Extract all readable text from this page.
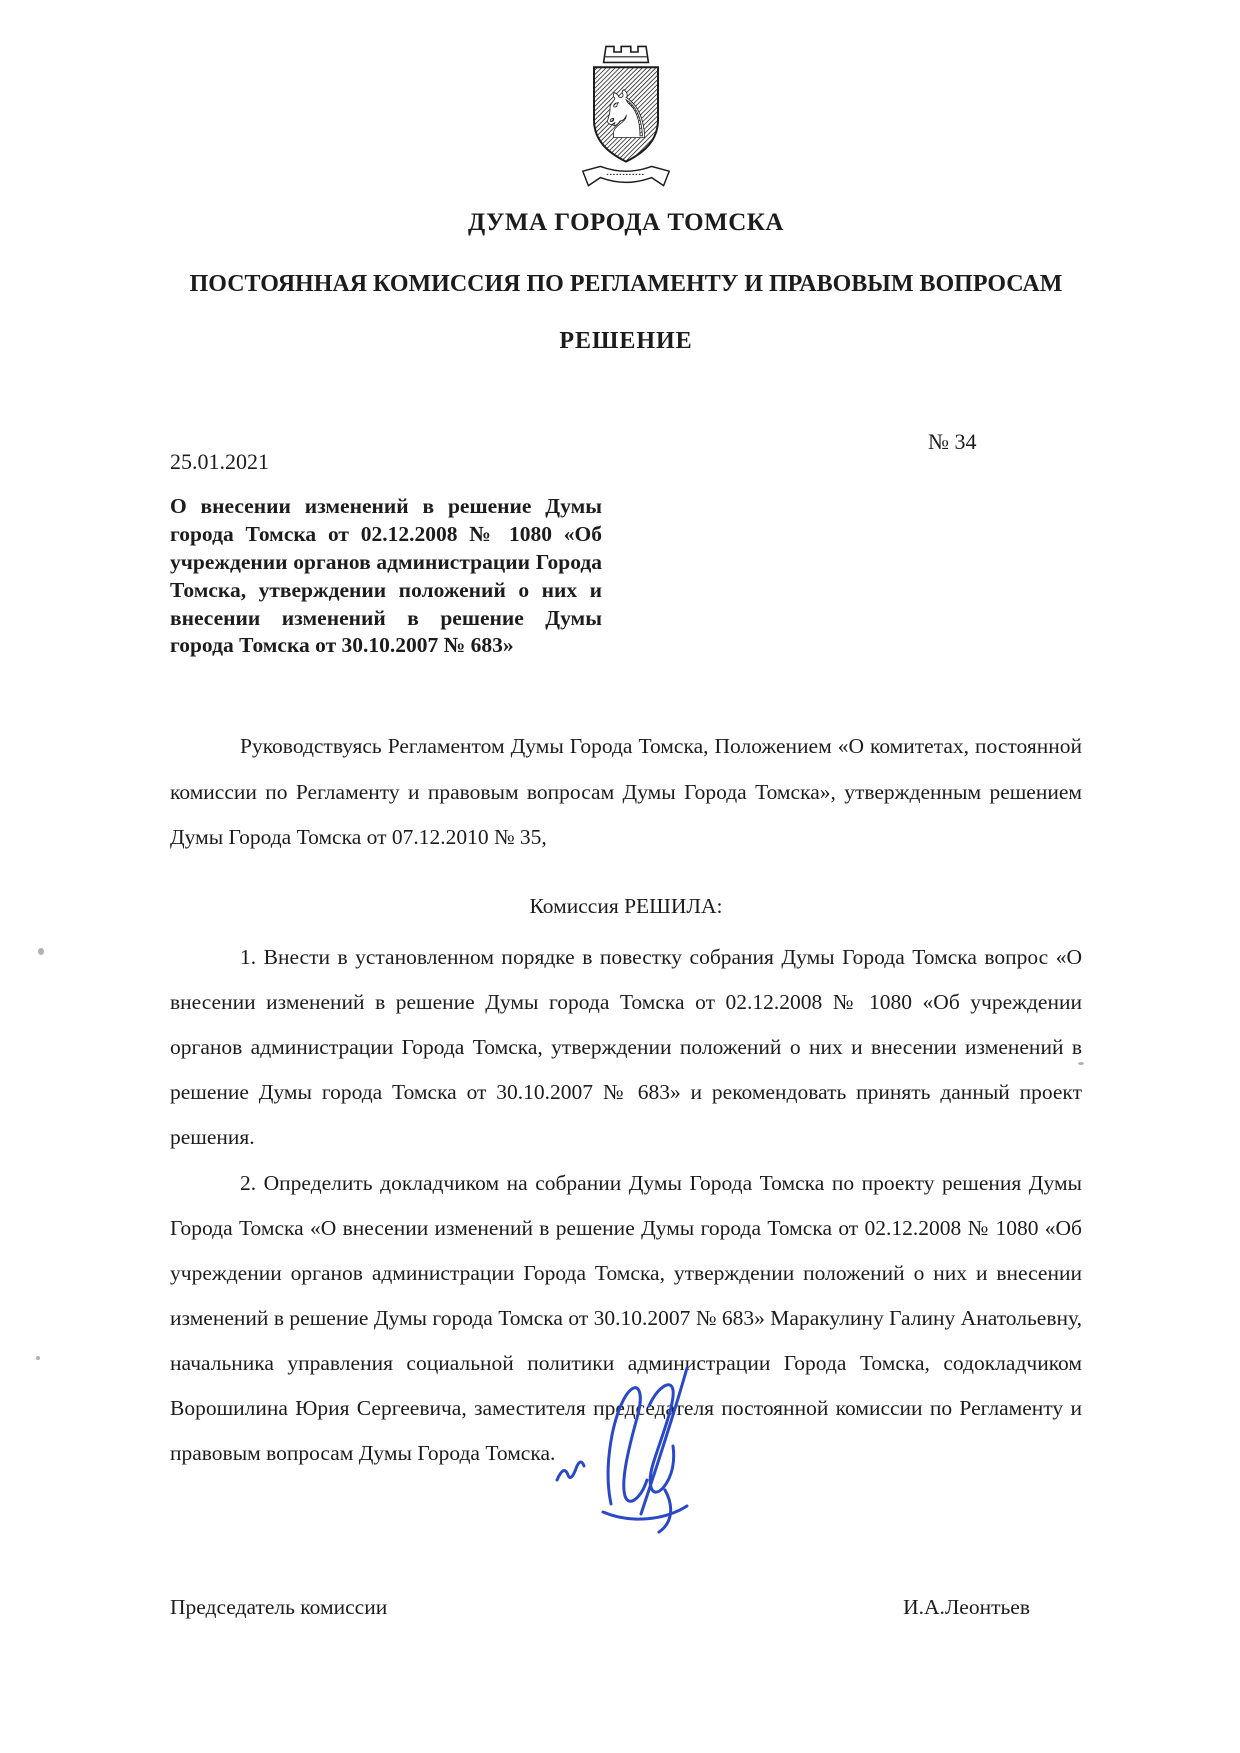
♞
ДУМА ГОРОДА ТОМСКА
ПОСТОЯННАЯ КОМИССИЯ ПО РЕГЛАМЕНТУ И ПРАВОВЫМ ВОПРОСАМ
РЕШЕНИЕ
№ 34
25.01.2021
О внесении изменений в решение Думы города Томска от 02.12.2008 № 1080 «Об учреждении органов администрации Города Томска, утверждении положений о них и внесении изменений в решение Думы города Томска от 30.10.2007 № 683»

Руководствуясь Регламентом Думы Города Томска, Положением «О комитетах, постоянной комиссии по Регламенту и правовым вопросам Думы Города Томска», утвержденным решением Думы Города Томска от 07.12.2010 № 35,

Комиссия РЕШИЛА:

1. Внести в установленном порядке в повестку собрания Думы Города Томска вопрос «О внесении изменений в решение Думы города Томска от 02.12.2008 № 1080 «Об учреждении органов администрации Города Томска, утверждении положений о них и внесении изменений в решение Думы города Томска от 30.10.2007 № 683» и рекомендовать принять данный проект решения.

2. Определить докладчиком на собрании Думы Города Томска по проекту решения Думы Города Томска «О внесении изменений в решение Думы города Томска от 02.12.2008 № 1080 «Об учреждении органов администрации Города Томска, утверждении положений о них и внесении изменений в решение Думы города Томска от 30.10.2007 № 683» Маракулину Галину Анатольевну, начальника управления социальной политики администрации Города Томска, содокладчиком Ворошилина Юрия Сергеевича, заместителя председателя постоянной комиссии по Регламенту и правовым вопросам Думы Города Томска.

Председатель комиссии	И.А.Леонтьев
